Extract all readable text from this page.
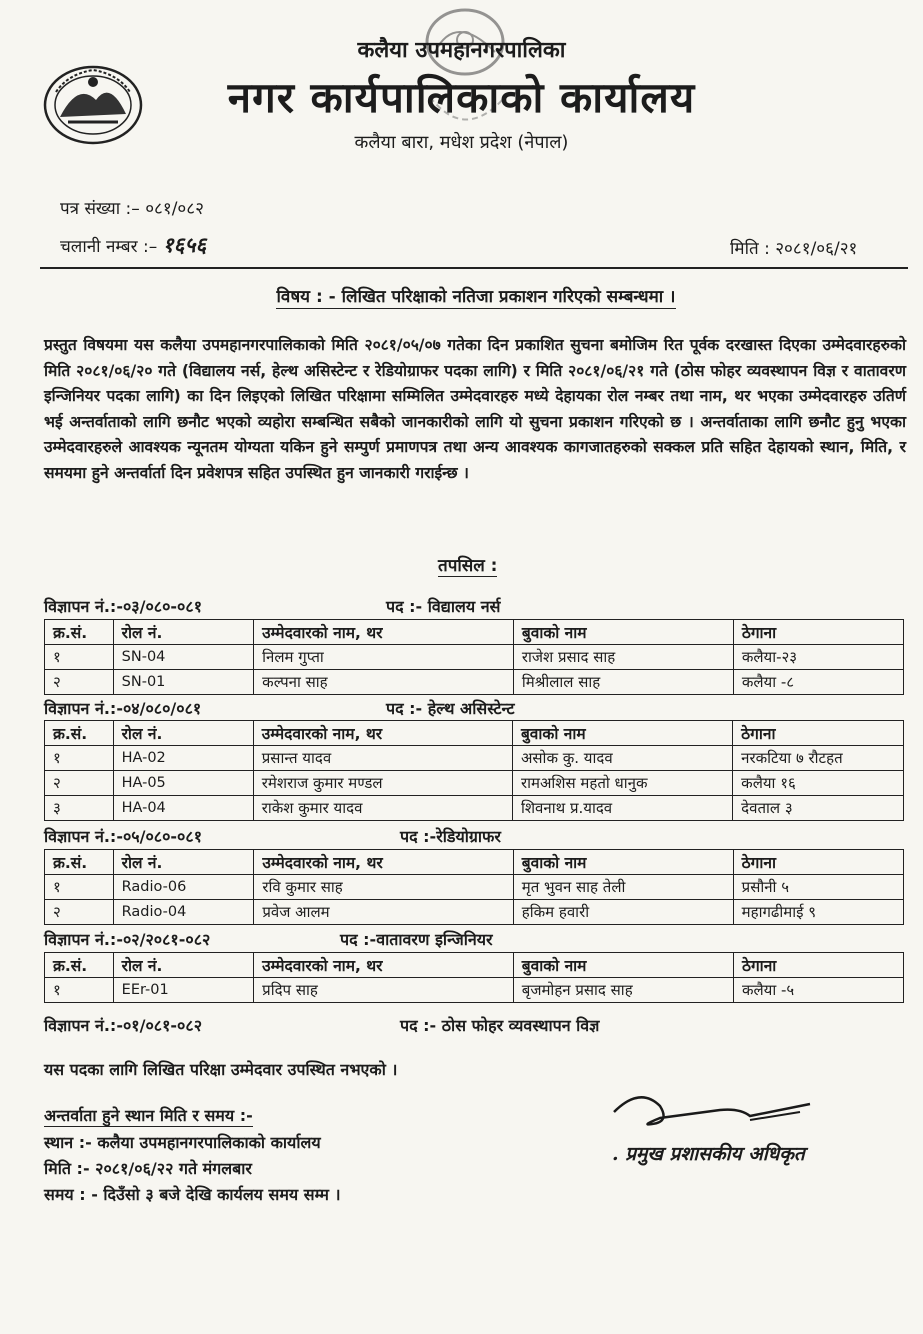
कलैया उपमहानगरपालिका
नगर कार्यपालिकाको कार्यालय
कलैया बारा, मधेश प्रदेश (नेपाल)
पत्र संख्या :– ०८१/०८२
चलानी नम्बर :– १६५६	मिति : २०८१/०६/२१
विषय : - लिखित परिक्षाको नतिजा प्रकाशन गरिएको सम्बन्धमा ।
प्रस्तुत विषयमा यस कलैया उपमहानगरपालिकाको मिति २०८१/०५/०७ गतेका दिन प्रकाशित सुचना बमोजिम रित पूर्वक दरखास्त दिएका उम्मेदवारहरुको मिति २०८१/०६/२० गते (विद्यालय नर्स, हेल्थ असिस्टेन्ट र रेडियोग्राफर पदका लागि) र मिति २०८१/०६/२१ गते (ठोस फोहर व्यवस्थापन विज्ञ र वातावरण इन्जिनियर पदका लागि) का दिन लिइएको लिखित परिक्षामा सम्मिलित उम्मेदवारहरु मध्ये देहायका रोल नम्बर तथा नाम, थर भएका उम्मेदवारहरु उतिर्ण भई अन्तर्वाताको लागि छनौट भएको व्यहोरा सम्बन्धित सबैको जानकारीको लागि यो सुचना प्रकाशन गरिएको छ । अन्तर्वाताका लागि छनौट हुनु भएका उम्मेदवारहरुले आवश्यक न्यूनतम योग्यता यकिन हुने सम्पुर्ण प्रमाणपत्र तथा अन्य आवश्यक कागजातहरुको सक्कल प्रति सहित देहायको स्थान, मिति, र समयमा हुने अन्तर्वार्ता दिन प्रवेशपत्र सहित उपस्थित हुन जानकारी गराईन्छ ।
तपसिल :
विज्ञापन नं.:-०३/०८०-०८१	पद :- विद्यालय नर्स
क्र.सं.	रोल नं.	उम्मेदवारको नाम, थर	बुवाको नाम	ठेगाना
१	SN-04	निलम गुप्ता	राजेश प्रसाद साह	कलैया-२३
२	SN-01	कल्पना साह	मिश्रीलाल साह	कलैया -८
विज्ञापन नं.:-०४/०८०/०८१	पद :- हेल्थ असिस्टेन्ट
क्र.सं.	रोल नं.	उम्मेदवारको नाम, थर	बुवाको नाम	ठेगाना
१	HA-02	प्रसान्त यादव	असोक कु. यादव	नरकटिया ७ रौटहत
२	HA-05	रमेशराज कुमार मण्डल	रामअशिस महतो धानुक	कलैया १६
३	HA-04	राकेश कुमार यादव	शिवनाथ प्र.यादव	देवताल ३
विज्ञापन नं.:-०५/०८०-०८१	पद :-रेडियोग्राफर
क्र.सं.	रोल नं.	उम्मेदवारको नाम, थर	बुवाको नाम	ठेगाना
१	Radio-06	रवि कुमार साह	मृत भुवन साह तेली	प्रसौनी ५
२	Radio-04	प्रवेज आलम	हकिम हवारी	महागढीमाई ९
विज्ञापन नं.:-०२/२०८१-०८२	पद :-वातावरण इन्जिनियर
क्र.सं.	रोल नं.	उम्मेदवारको नाम, थर	बुवाको नाम	ठेगाना
१	EEr-01	प्रदिप साह	बृजमोहन प्रसाद साह	कलैया -५
विज्ञापन नं.:-०१/०८१-०८२	पद :- ठोस फोहर व्यवस्थापन विज्ञ
यस पदका लागि लिखित परिक्षा उम्मेदवार उपस्थित नभएको ।
अन्तर्वाता हुने स्थान मिति र समय :-
स्थान :- कलैया उपमहानगरपालिकाको कार्यालय
मिति :- २०८१/०६/२२ गते मंगलबार
समय : - दिउँसो ३ बजे देखि कार्यलय समय सम्म ।
. प्रमुख प्रशासकीय अधिकृत
